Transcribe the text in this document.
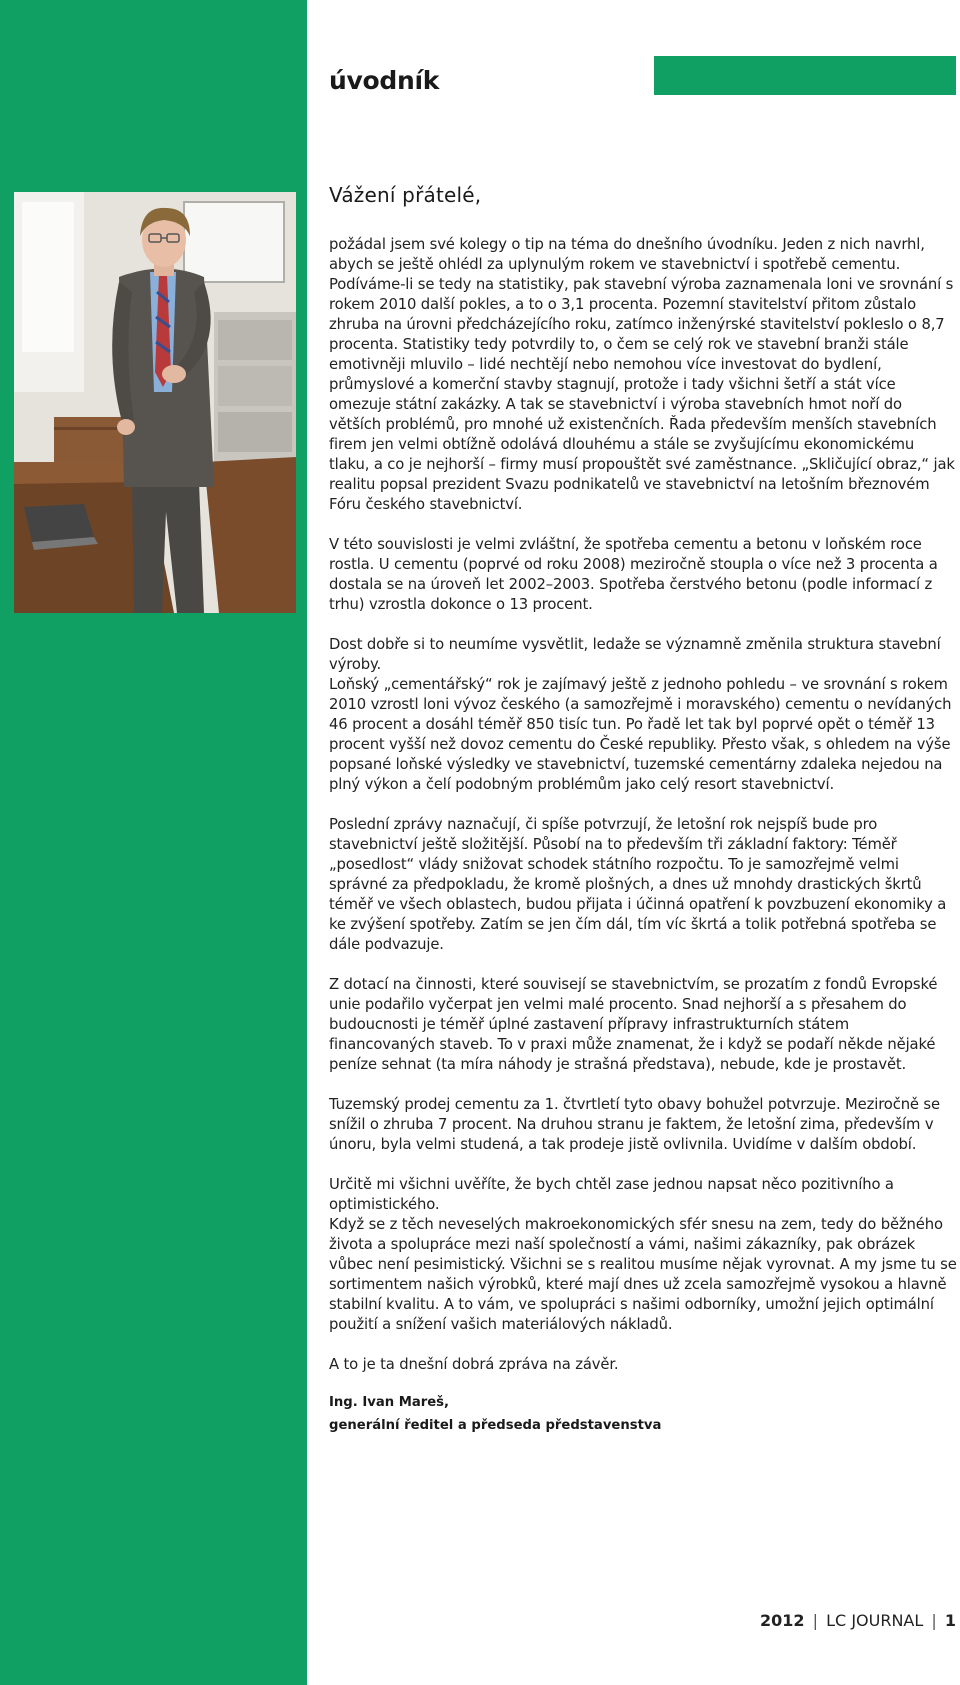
úvodník

Vážení přátelé,

požádal jsem své kolegy o tip na téma do dnešního úvodníku. Jeden z nich navrhl, abych se ještě ohlédl za uplynulým rokem ve stavebnictví i spotřebě cementu. Podíváme-li se tedy na statistiky, pak stavební výroba zaznamenala loni ve srovnání s rokem 2010 další pokles, a to o 3,1 procenta. Pozemní stavitelství přitom zůstalo zhruba na úrovni předcházejícího roku, zatímco inženýrské stavitelství pokleslo o 8,7 procenta. Statistiky tedy potvrdily to, o čem se celý rok ve stavební branži stále emotivněji mluvilo – lidé nechtějí nebo nemohou více investovat do bydlení, průmyslové a komerční stavby stagnují, protože i tady všichni šetří a stát více omezuje státní zakázky. A tak se stavebnictví i výroba stavebních hmot noří do větších problémů, pro mnohé už existenčních. Řada především menších stavebních firem jen velmi obtížně odolává dlouhému a stále se zvyšujícímu ekonomickému tlaku, a co je nejhorší – firmy musí propouštět své zaměstnance. „Skličující obraz,“ jak realitu popsal prezident Svazu podnikatelů ve stavebnictví na letošním březnovém Fóru českého stavebnictví.

V této souvislosti je velmi zvláštní, že spotřeba cementu a betonu v loňském roce rostla. U cementu (poprvé od roku 2008) meziročně stoupla o více než 3 procenta a dostala se na úroveň let 2002–2003. Spotřeba čerstvého betonu (podle informací z trhu) vzrostla dokonce o 13 procent.

Dost dobře si to neumíme vysvětlit, ledaže se významně změnila struktura stavební výroby.

Loňský „cementářský“ rok je zajímavý ještě z jednoho pohledu – ve srovnání s rokem 2010 vzrostl loni vývoz českého (a samozřejmě i moravského) cementu o nevídaných 46 procent a dosáhl téměř 850 tisíc tun. Po řadě let tak byl poprvé opět o téměř 13 procent vyšší než dovoz cementu do České republiky. Přesto však, s ohledem na výše popsané loňské výsledky ve stavebnictví, tuzemské cementárny zdaleka nejedou na plný výkon a čelí podobným problémům jako celý resort stavebnictví.

Poslední zprávy naznačují, či spíše potvrzují, že letošní rok nejspíš bude pro stavebnictví ještě složitější. Působí na to především tři základní faktory: Téměř „posedlost“ vlády snižovat schodek státního rozpočtu. To je samozřejmě velmi správné za předpokladu, že kromě plošných, a dnes už mnohdy drastických škrtů téměř ve všech oblastech, budou přijata i účinná opatření k povzbuzení ekonomiky a ke zvýšení spotřeby. Zatím se jen čím dál, tím víc škrtá a tolik potřebná spotřeba se dále podvazuje.

Z dotací na činnosti, které souvisejí se stavebnictvím, se prozatím z fondů Evropské unie podařilo vyčerpat jen velmi malé procento. Snad nejhorší a s přesahem do budoucnosti je téměř úplné zastavení přípravy infrastrukturních státem financovaných staveb. To v praxi může znamenat, že i když se podaří někde nějaké peníze sehnat (ta míra náhody je strašná představa), nebude, kde je prostavět.

Tuzemský prodej cementu za 1. čtvrtletí tyto obavy bohužel potvrzuje. Meziročně se snížil o zhruba 7 procent. Na druhou stranu je faktem, že letošní zima, především v únoru, byla velmi studená, a tak prodeje jistě ovlivnila. Uvidíme v dalším období.

Určitě mi všichni uvěříte, že bych chtěl zase jednou napsat něco pozitivního a optimistického.

Když se z těch neveselých makroekonomických sfér snesu na zem, tedy do běžného života a spolupráce mezi naší společností a vámi, našimi zákazníky, pak obrázek vůbec není pesimistický. Všichni se s realitou musíme nějak vyrovnat. A my jsme tu se sortimentem našich výrobků, které mají dnes už zcela samozřejmě vysokou a hlavně stabilní kvalitu. A to vám, ve spolupráci s našimi odborníky, umožní jejich optimální použití a snížení vašich materiálových nákladů.

A to je ta dnešní dobrá zpráva na závěr.

Ing. Ivan Mareš,
generální ředitel a předseda představenstva
2012 | LC JOURNAL | 1
